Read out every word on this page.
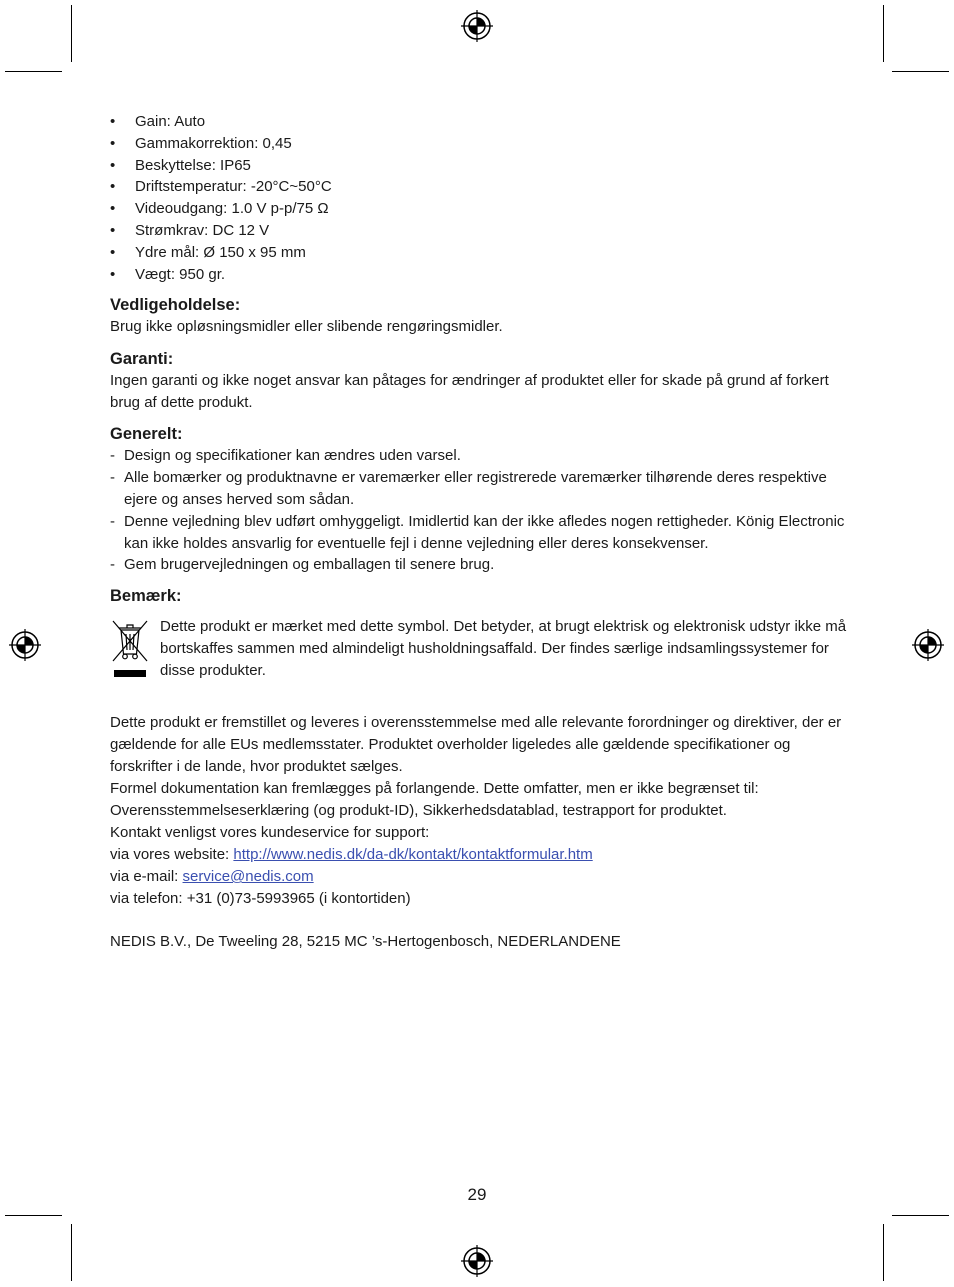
• Gain: Auto
• Gammakorrektion: 0,45
• Beskyttelse: IP65
• Driftstemperatur: -20°C~50°C
• Videoudgang: 1.0 V p-p/75 Ω
• Strømkrav: DC 12 V
• Ydre mål: Ø 150 x 95 mm
• Vægt: 950 gr.
Vedligeholdelse:

Brug ikke opløsningsmidler eller slibende rengøringsmidler.

Garanti:

Ingen garanti og ikke noget ansvar kan påtages for ændringer af produktet eller for skade på grund af forkert brug af dette produkt.

Generelt:
- Design og specifikationer kan ændres uden varsel.
- Alle bomærker og produktnavne er varemærker eller registrerede varemærker tilhørende deres respektive ejere og anses herved som sådan.
- Denne vejledning blev udført omhyggeligt. Imidlertid kan der ikke afledes nogen rettigheder. König Electronic kan ikke holdes ansvarlig for eventuelle fejl i denne vejledning eller deres konsekvenser.
- Gem brugervejledningen og emballagen til senere brug.
Bemærk:
Dette produkt er mærket med dette symbol. Det betyder, at brugt elektrisk og elektronisk udstyr ikke må bortskaffes sammen med almindeligt husholdningsaffald. Der findes særlige indsamlingssystemer for disse produkter.

Dette produkt er fremstillet og leveres i overensstemmelse med alle relevante forordninger og direktiver, der er gældende for alle EUs medlemsstater. Produktet overholder ligeledes alle gældende specifikationer og forskrifter i de lande, hvor produktet sælges.

Formel dokumentation kan fremlægges på forlangende. Dette omfatter, men er ikke begrænset til: Overensstemmelseserklæring (og produkt-ID), Sikkerhedsdatablad, testrapport for produktet.

Kontakt venligst vores kundeservice for support:

via vores website: http://www.nedis.dk/da-dk/kontakt/kontaktformular.htm

via e-mail: service@nedis.com

via telefon: +31 (0)73-5993965 (i kontortiden)

NEDIS B.V., De Tweeling 28, 5215 MC ’s-Hertogenbosch, NEDERLANDENE

29
